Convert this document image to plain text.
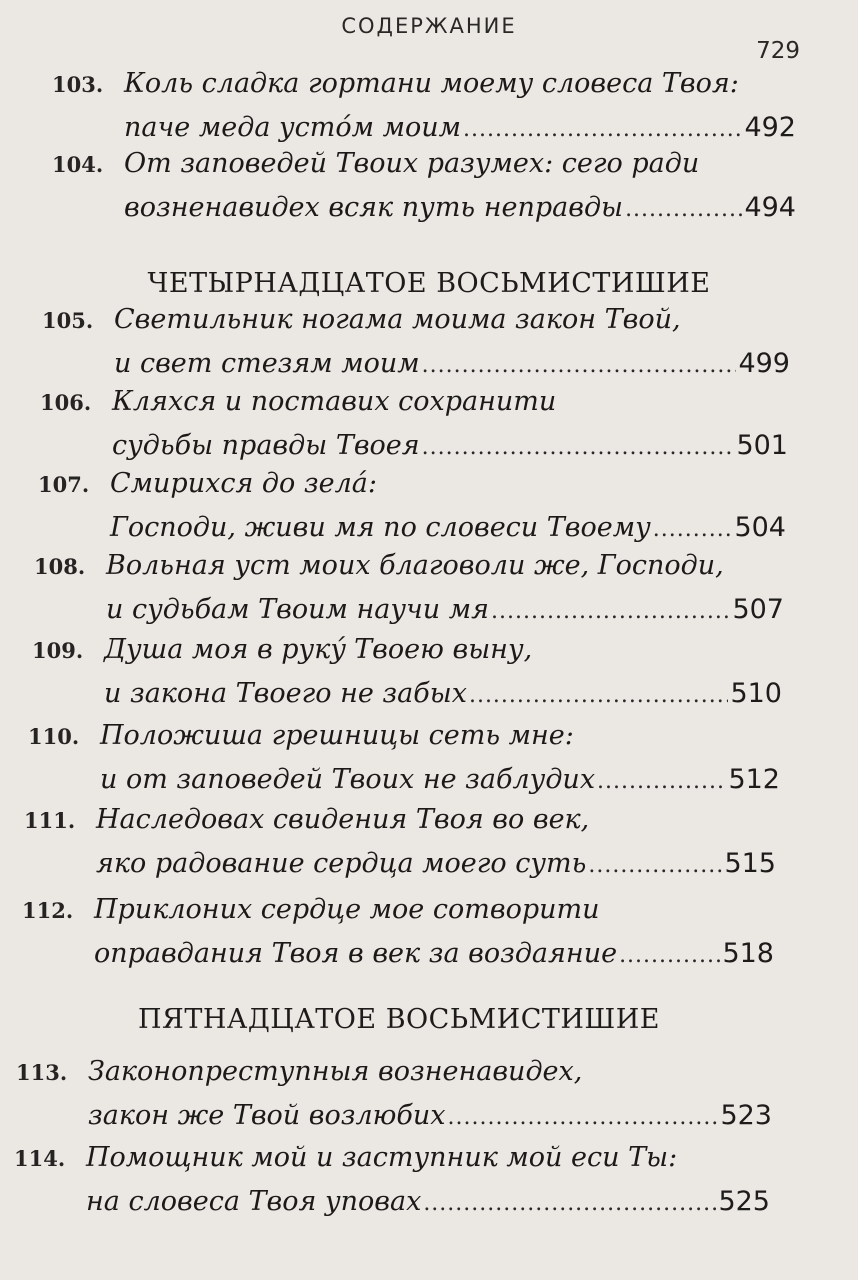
СОДЕРЖАНИЕ
729
103. Коль сладка гортани моему словеса Твоя:
паче меда устóм моим .....	492
104. От заповедей Твоих разумех: сего ради
возненавидех всяк путь неправды .....	494
ЧЕТЫРНАДЦАТОЕ ВОСЬМИСТИШИЕ
105. Светильник ногама моима закон Твой,
и свет стезям моим .....	499
106. Кляхся и поставих сохранити
судьбы правды Твоея .....	501
107. Смирихся до зелá:
Господи, живи мя по словеси Твоему .....	504
108. Вольная уст моих благоволи же, Господи,
и судьбам Твоим научи мя .....	507
109. Душа моя в рукý Твоею выну,
и закона Твоего не забых .....	510
110. Положиша грешницы сеть мне:
и от заповедей Твоих не заблудих .....	512
111. Наследовах свидения Твоя во век,
яко радование сердца моего суть .....	515
112. Приклоних сердце мое сотворити
оправдания Твоя в век за воздаяние .....	518
ПЯТНАДЦАТОЕ ВОСЬМИСТИШИЕ
113. Законопреступныя возненавидех,
закон же Твой возлюбих .....	523
114. Помощник мой и заступник мой еси Ты:
на словеса Твоя уповах .....	525
